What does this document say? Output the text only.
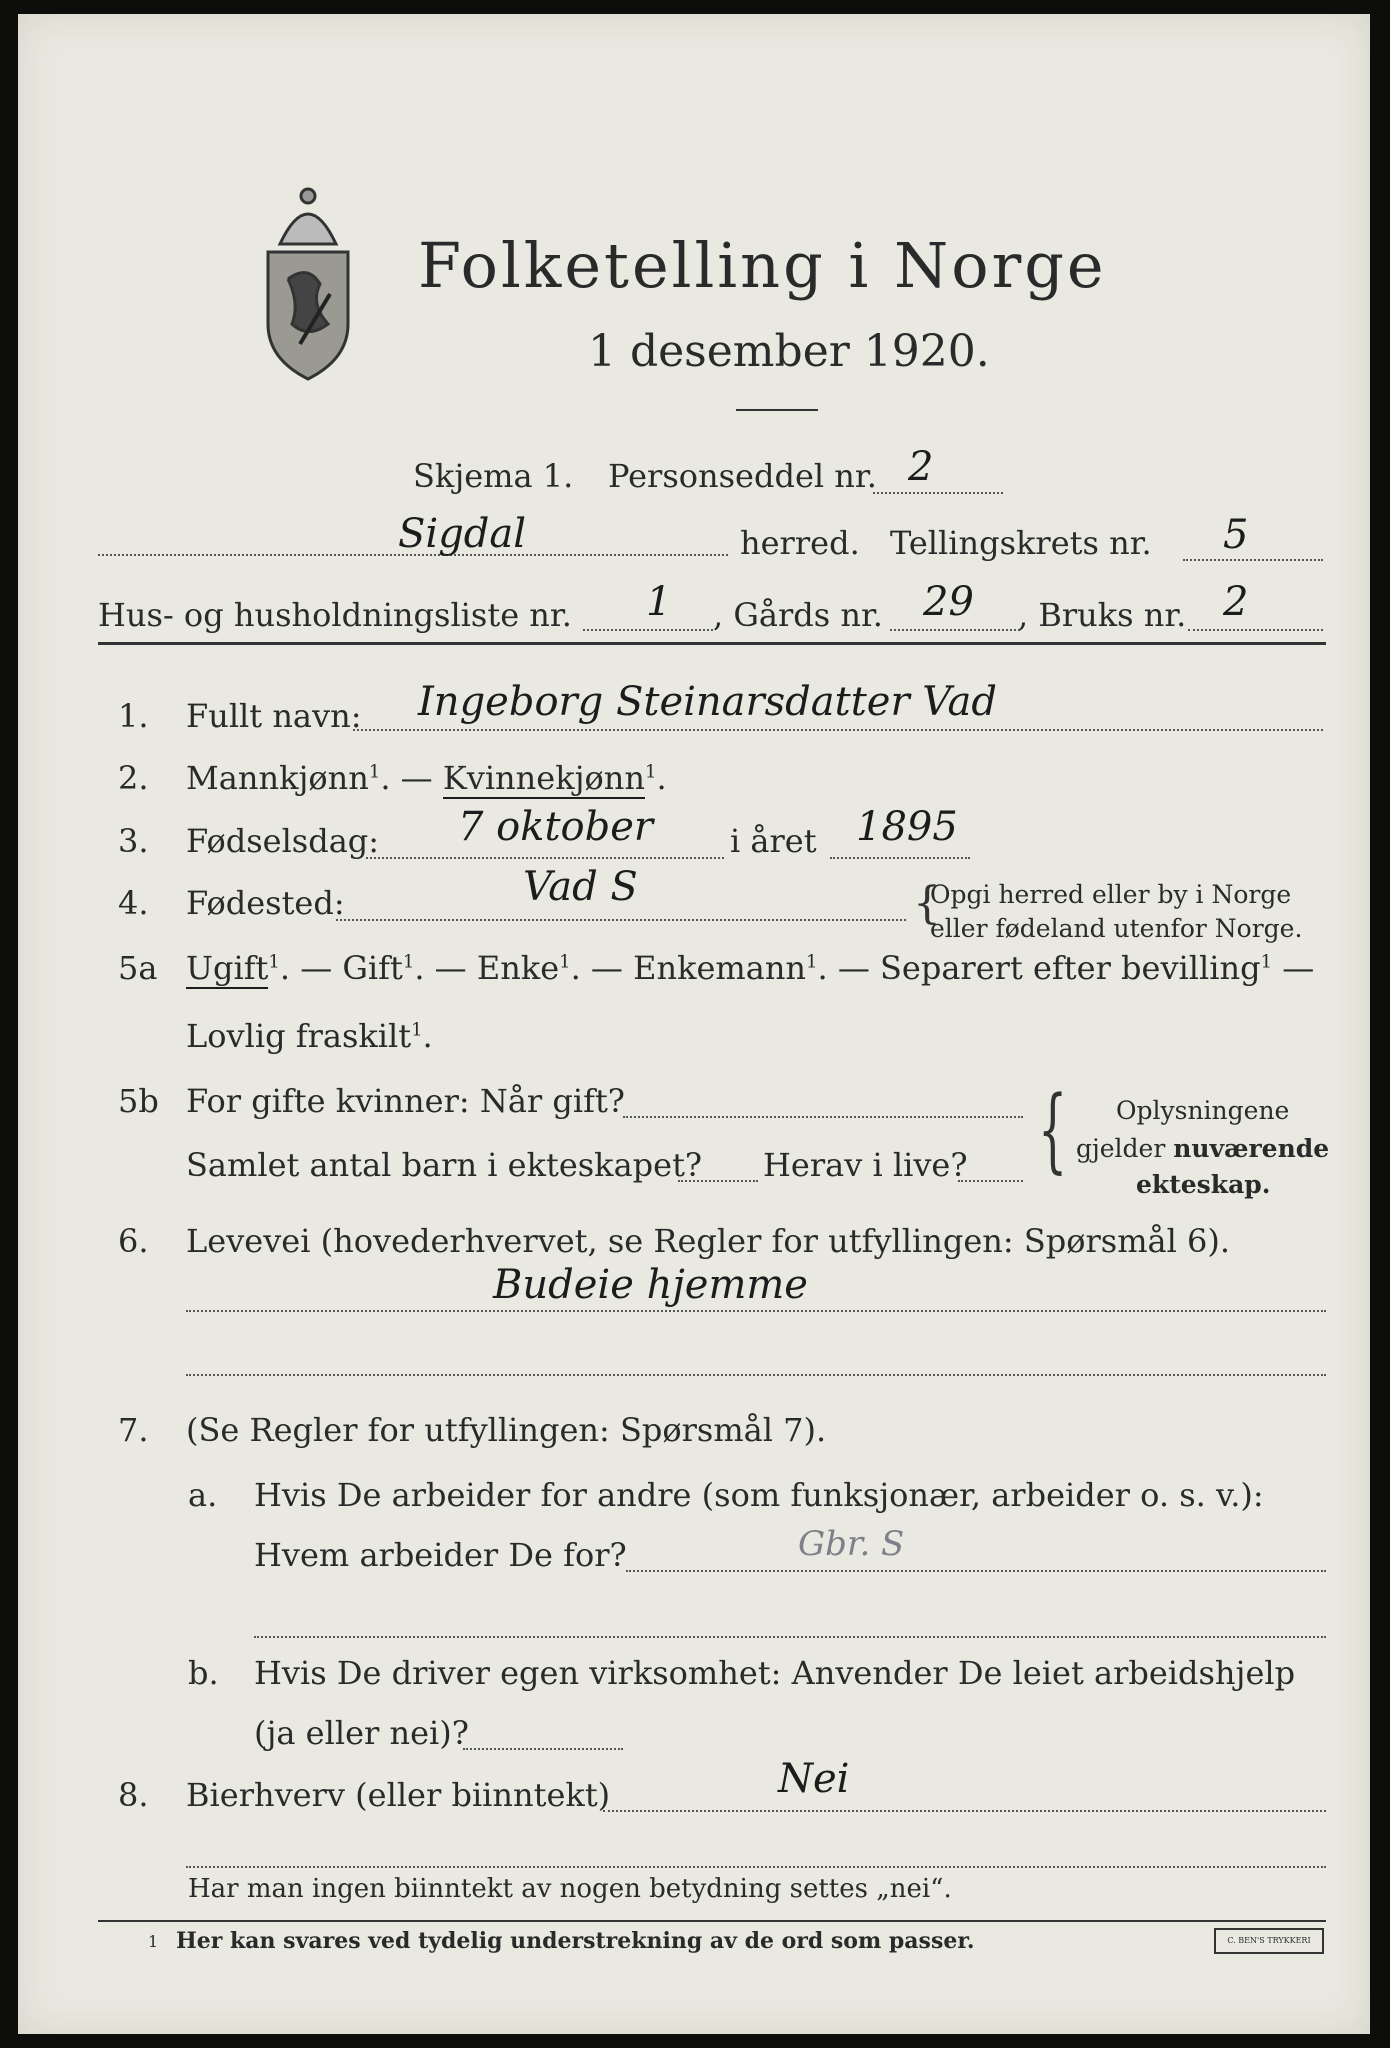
Folketelling i Norge
1 desember 1920.
Skjema 1. Personseddel nr. 2
Sigdal	herred. Tellingskrets nr. 5
Hus- og husholdningsliste nr. 1 , Gårds nr. 29 , Bruks nr. 2
1. Fullt navn: Ingeborg Steinarsdatter Vad
2. Mannkjønn$^1$. — Kvinnekjønn$^1$.
3. Fødselsdag: 7 oktober i året 1895
4. Fødested:	Vad S	{
Opgi herred eller by i Norge
eller fødeland utenfor Norge.
5a Ugift$^1$. — Gift$^1$. — Enke$^1$. — Enkemann$^1$. — Separert efter bevilling$^1$ —
Lovlig fraskilt$^1$.
5b For gifte kvinner: Når gift?
Samlet antal barn i ekteskapet? Herav i live? { Oplysningene
gjelder nuværende
ekteskap.
6. Levevei (hovederhvervet, se Regler for utfyllingen: Spørsmål 6).
Budeie hjemme
7. (Se Regler for utfyllingen: Spørsmål 7).
a. Hvis De arbeider for andre (som funksjonær, arbeider o. s. v.):
Hvem arbeider De for?	Gbr. S
b. Hvis De driver egen virksomhet: Anvender De leiet arbeidshjelp
(ja eller nei)?
8. Bierhverv (eller biinntekt)	Nei
Har man ingen biinntekt av nogen betydning settes „nei“.
1 Her kan svares ved tydelig understrekning av de ord som passer.	C. BEN'S TRYKKERI
